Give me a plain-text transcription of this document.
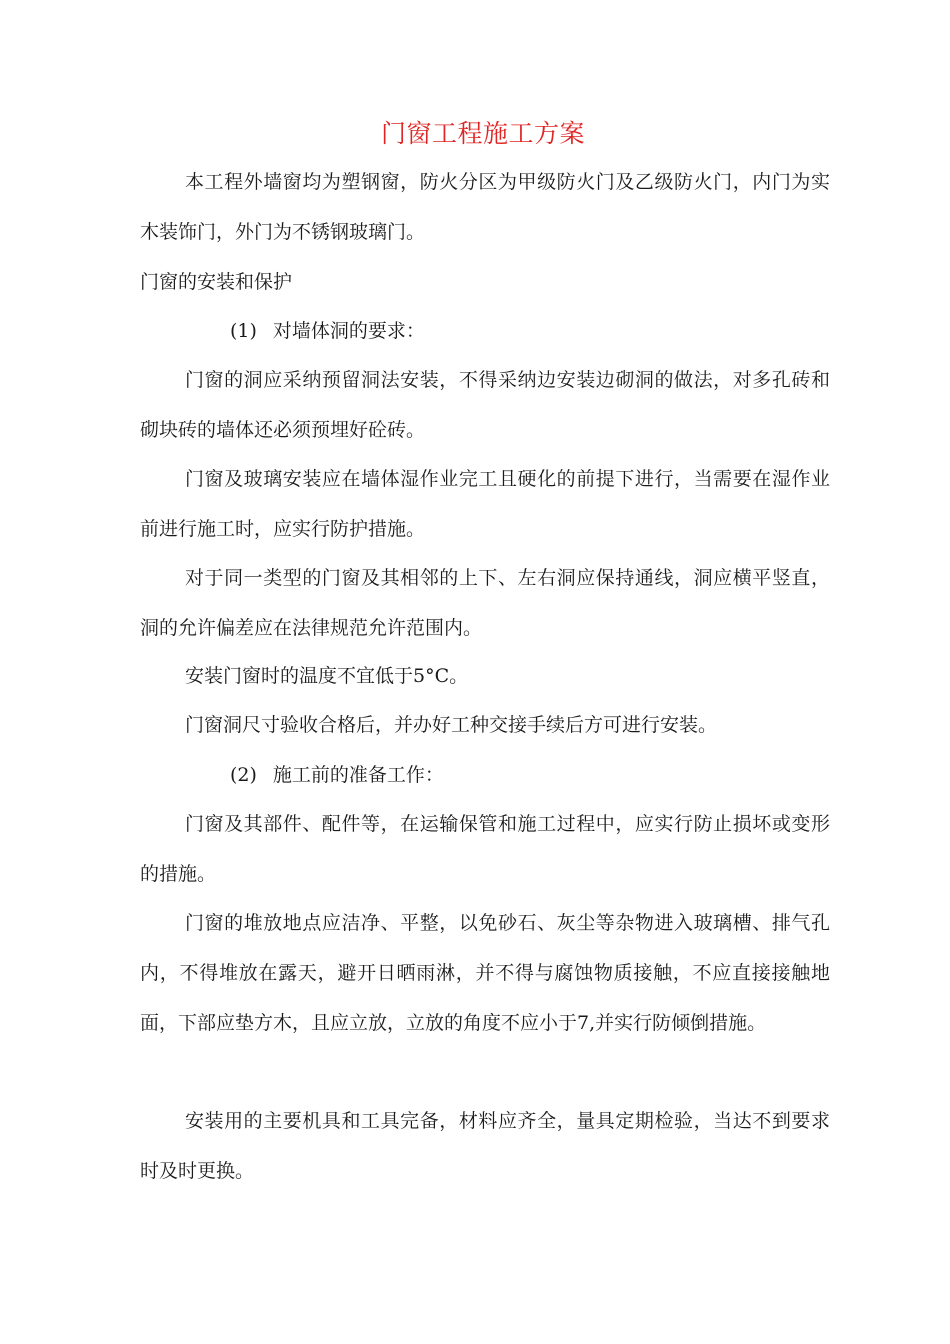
门窗工程施工方案
本工程外墙窗均为塑钢窗，防火分区为甲级防火门及乙级防火门，内门为实木装饰门，外门为不锈钢玻璃门。
门窗的安装和保护
(1) 对墙体洞的要求：
门窗的洞应采纳预留洞法安装，不得采纳边安装边砌洞的做法，对多孔砖和砌块砖的墙体还必须预埋好砼砖。
门窗及玻璃安装应在墙体湿作业完工且硬化的前提下进行，当需要在湿作业前进行施工时，应实行防护措施。
对于同一类型的门窗及其相邻的上下、左右洞应保持通线，洞应横平竖直，洞的允许偏差应在法律规范允许范围内。
安装门窗时的温度不宜低于5°C。
门窗洞尺寸验收合格后，并办好工种交接手续后方可进行安装。
(2) 施工前的准备工作：
门窗及其部件、配件等，在运输保管和施工过程中，应实行防止损坏或变形的措施。
门窗的堆放地点应洁净、平整，以免砂石、灰尘等杂物进入玻璃槽、排气孔内，不得堆放在露天，避开日晒雨淋，并不得与腐蚀物质接触，不应直接接触地面，下部应垫方木，且应立放，立放的角度不应小于7,并实行防倾倒措施。
安装用的主要机具和工具完备，材料应齐全，量具定期检验，当达不到要求时及时更换。
